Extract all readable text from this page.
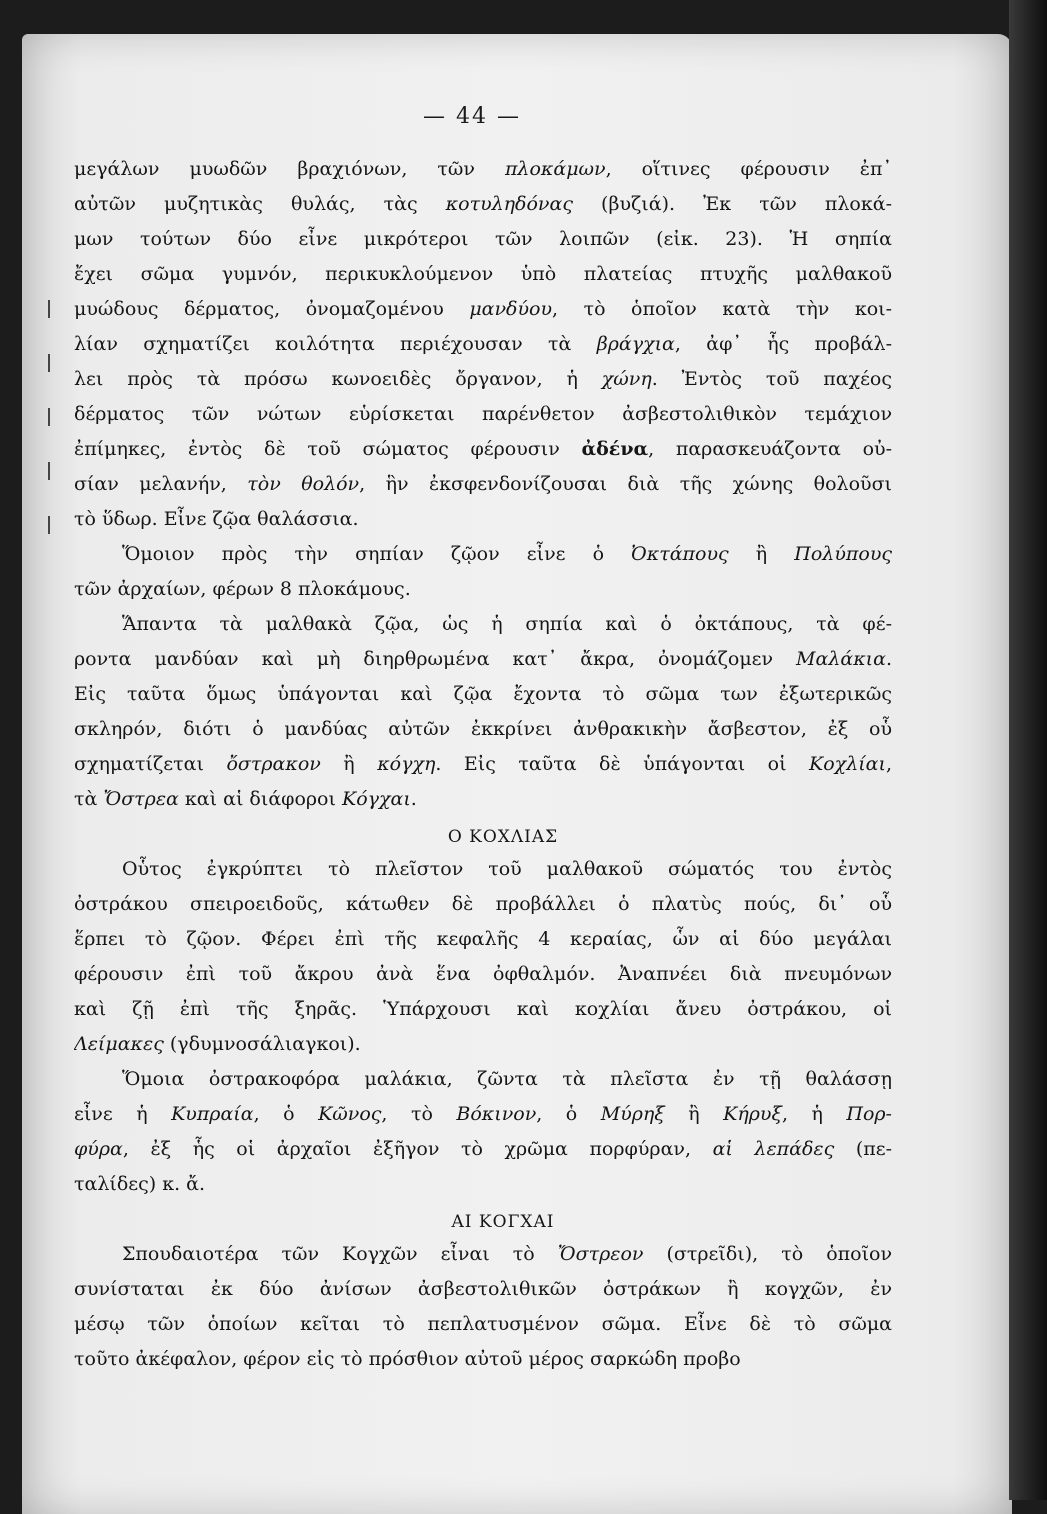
— 44 —
μεγάλων μυωδῶν βραχιόνων, τῶν πλοκάμων, οἵτινες φέρουσιν ἐπ᾿
αὐτῶν μυζητικὰς θυλάς, τὰς κοτυληδόνας (βυζιά). Ἐκ τῶν πλοκά-
μων τούτων δύο εἶνε μικρότεροι τῶν λοιπῶν (εἰκ. 23). Ἡ σηπία
ἔχει σῶμα γυμνόν, περικυκλούμενον ὑπὸ πλατείας πτυχῆς μαλθακοῦ
μυώδους δέρματος, ὀνομαζομένου μανδύου, τὸ ὁποῖον κατὰ τὴν κοι-
λίαν σχηματίζει κοιλότητα περιέχουσαν τὰ βράγχια, ἀφ᾿ ἧς προβάλ-
λει πρὸς τὰ πρόσω κωνοειδὲς ὄργανον, ἡ χώνη. Ἐντὸς τοῦ παχέος
δέρματος τῶν νώτων εὑρίσκεται παρένθετον ἀσβεστολιθικὸν τεμάχιον
ἐπίμηκες, ἐντὸς δὲ τοῦ σώματος φέρουσιν ἀδένα, παρασκευάζοντα οὐ-
σίαν μελανήν, τὸν θολόν, ἣν ἐκσφενδονίζουσαι διὰ τῆς χώνης θολοῦσι
τὸ ὕδωρ. Εἶνε ζῷα θαλάσσια.
Ὅμοιον πρὸς τὴν σηπίαν ζῷον εἶνε ὁ Ὀκτάπους ἢ Πολύπους
τῶν ἀρχαίων, φέρων 8 πλοκάμους.
Ἅπαντα τὰ μαλθακὰ ζῷα, ὡς ἡ σηπία καὶ ὁ ὀκτάπους, τὰ φέ-
ροντα μανδύαν καὶ μὴ διηρθρωμένα κατ᾿ ἄκρα, ὀνομάζομεν Μαλάκια.
Εἰς ταῦτα ὅμως ὑπάγονται καὶ ζῷα ἔχοντα τὸ σῶμα των ἐξωτερικῶς
σκληρόν, διότι ὁ μανδύας αὐτῶν ἐκκρίνει ἀνθρακικὴν ἄσβεστον, ἐξ οὗ
σχηματίζεται ὄστρακον ἢ κόγχη. Εἰς ταῦτα δὲ ὑπάγονται οἱ Κοχλίαι,
τὰ Ὄστρεα καὶ αἱ διάφοροι Κόγχαι.
Ο ΚΟΧΛΙΑΣ
Οὗτος ἐγκρύπτει τὸ πλεῖστον τοῦ μαλθακοῦ σώματός του ἐντὸς
ὀστράκου σπειροειδοῦς, κάτωθεν δὲ προβάλλει ὁ πλατὺς πούς, δι᾿ οὗ
ἕρπει τὸ ζῷον. Φέρει ἐπὶ τῆς κεφαλῆς 4 κεραίας, ὧν αἱ δύο μεγάλαι
φέρουσιν ἐπὶ τοῦ ἄκρου ἀνὰ ἕνα ὀφθαλμόν. Ἀναπνέει διὰ πνευμόνων
καὶ ζῇ ἐπὶ τῆς ξηρᾶς. Ὑπάρχουσι καὶ κοχλίαι ἄνευ ὀστράκου, οἱ
Λείμακες (γδυμνοσάλιαγκοι).
Ὅμοια ὀστρακοφόρα μαλάκια, ζῶντα τὰ πλεῖστα ἐν τῇ θαλάσσῃ
εἶνε ἡ Κυπραία, ὁ Κῶνος, τὸ Βόκινον, ὁ Μύρηξ ἢ Κήρυξ, ἡ Πορ-
φύρα, ἐξ ἧς οἱ ἀρχαῖοι ἐξῆγον τὸ χρῶμα πορφύραν, αἱ λεπάδες (πε-
ταλίδες) κ. ἄ.
ΑΙ ΚΟΓΧΑΙ
Σπουδαιοτέρα τῶν Κογχῶν εἶναι τὸ Ὄστρεον (στρεῖδι), τὸ ὁποῖον
συνίσταται ἐκ δύο ἀνίσων ἀσβεστολιθικῶν ὀστράκων ἢ κογχῶν, ἐν
μέσῳ τῶν ὁποίων κεῖται τὸ πεπλατυσμένον σῶμα. Εἶνε δὲ τὸ σῶμα
τοῦτο ἀκέφαλον, φέρον εἰς τὸ πρόσθιον αὐτοῦ μέρος σαρκώδη προβο
